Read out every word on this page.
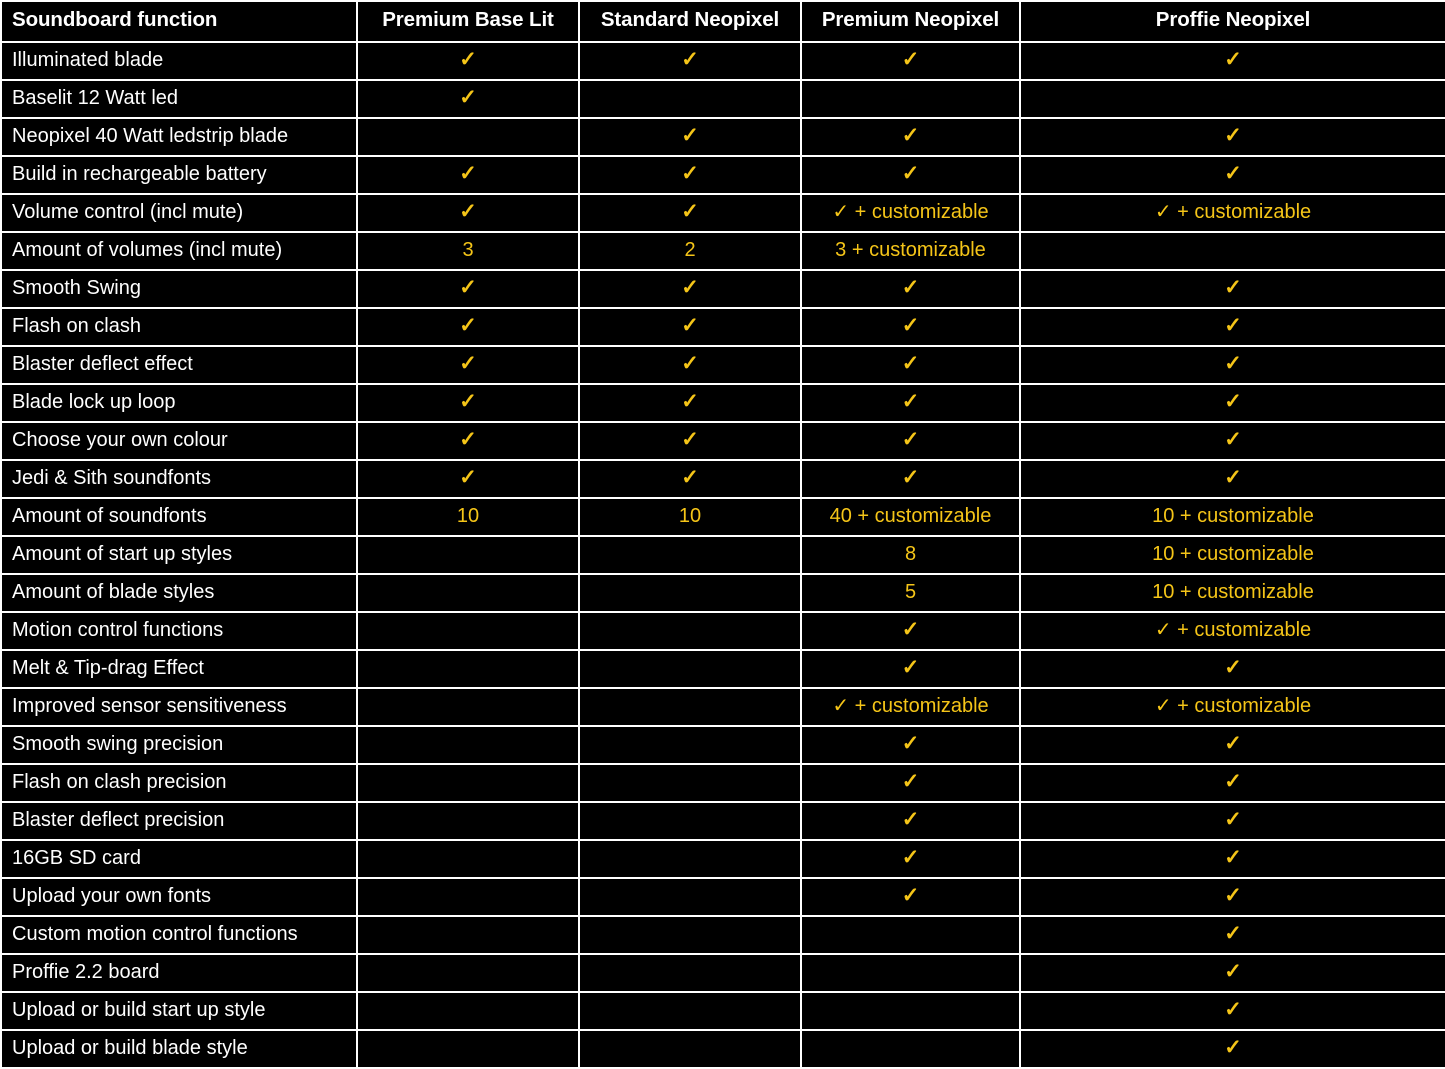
Soundboard function	Premium Base Lit	Standard Neopixel	Premium Neopixel	Proffie Neopixel
Illuminated blade	✓	✓	✓	✓
Baselit 12 Watt led	✓			
Neopixel 40 Watt ledstrip blade		✓	✓	✓
Build in rechargeable battery	✓	✓	✓	✓
Volume control (incl mute)	✓	✓	✓ + customizable	✓ + customizable
Amount of volumes (incl mute)	3	2	3 + customizable	
Smooth Swing	✓	✓	✓	✓
Flash on clash	✓	✓	✓	✓
Blaster deflect effect	✓	✓	✓	✓
Blade lock up loop	✓	✓	✓	✓
Choose your own colour	✓	✓	✓	✓
Jedi & Sith soundfonts	✓	✓	✓	✓
Amount of soundfonts	10	10	40 + customizable	10 + customizable
Amount of start up styles			8	10 + customizable
Amount of blade styles			5	10 + customizable
Motion control functions			✓	✓ + customizable
Melt & Tip-drag Effect			✓	✓
Improved sensor sensitiveness			✓ + customizable	✓ + customizable
Smooth swing precision			✓	✓
Flash on clash precision			✓	✓
Blaster deflect precision			✓	✓
16GB SD card			✓	✓
Upload your own fonts			✓	✓
Custom motion control functions				✓
Proffie 2.2 board				✓
Upload or build start up style				✓
Upload or build blade style				✓
